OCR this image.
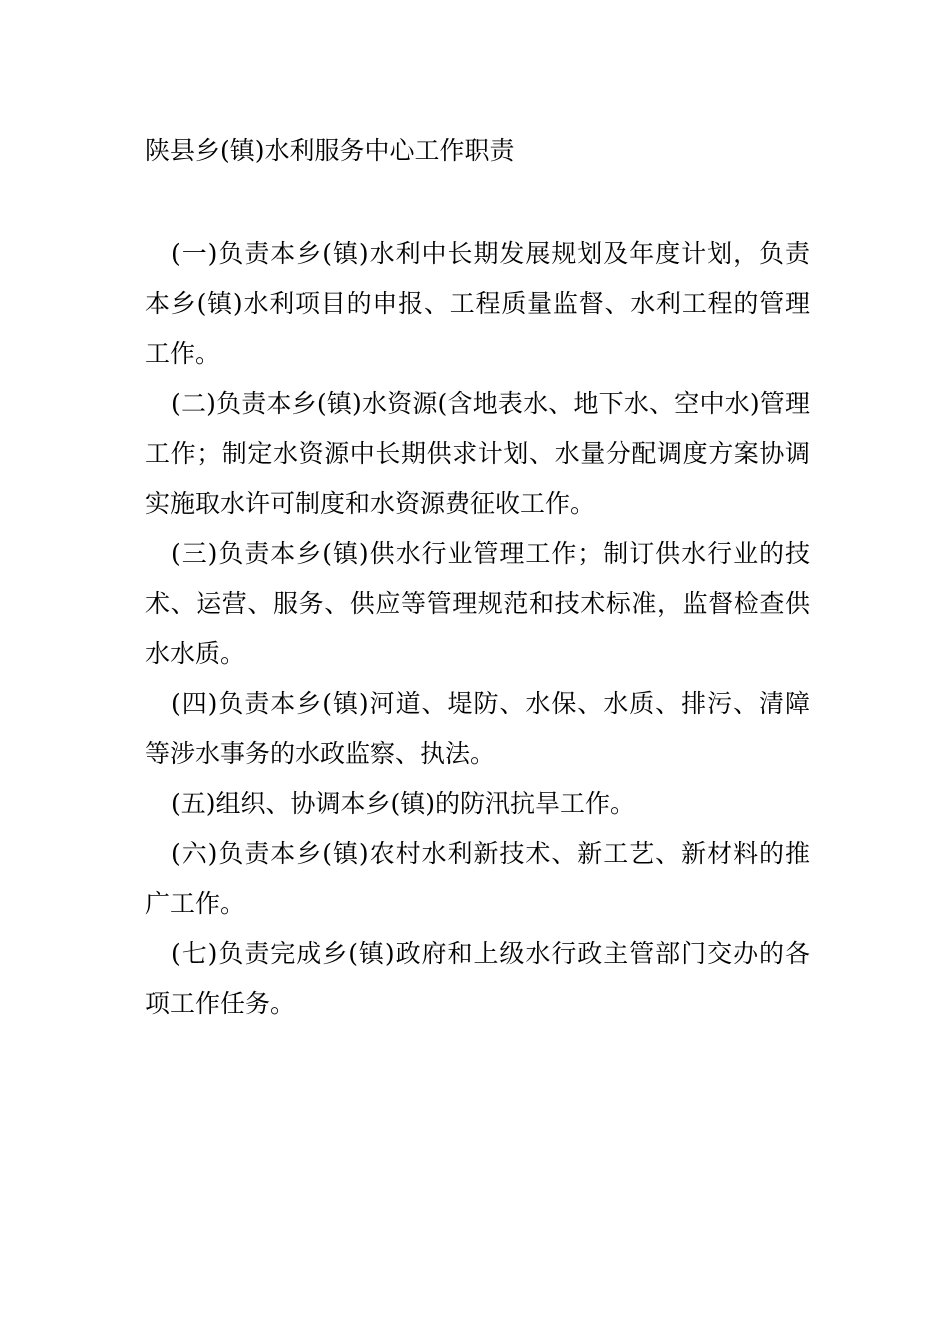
陕县乡(镇)水利服务中心工作职责

(一)负责本乡(镇)水利中长期发展规划及年度计划，负责本乡(镇)水利项目的申报、工程质量监督、水利工程的管理工作。

(二)负责本乡(镇)水资源(含地表水、地下水、空中水)管理工作；制定水资源中长期供求计划、水量分配调度方案协调实施取水许可制度和水资源费征收工作。

(三)负责本乡(镇)供水行业管理工作；制订供水行业的技术、运营、服务、供应等管理规范和技术标准，监督检查供水水质。

(四)负责本乡(镇)河道、堤防、水保、水质、排污、清障等涉水事务的水政监察、执法。

(五)组织、协调本乡(镇)的防汛抗旱工作。

(六)负责本乡(镇)农村水利新技术、新工艺、新材料的推广工作。

(七)负责完成乡(镇)政府和上级水行政主管部门交办的各项工作任务。
